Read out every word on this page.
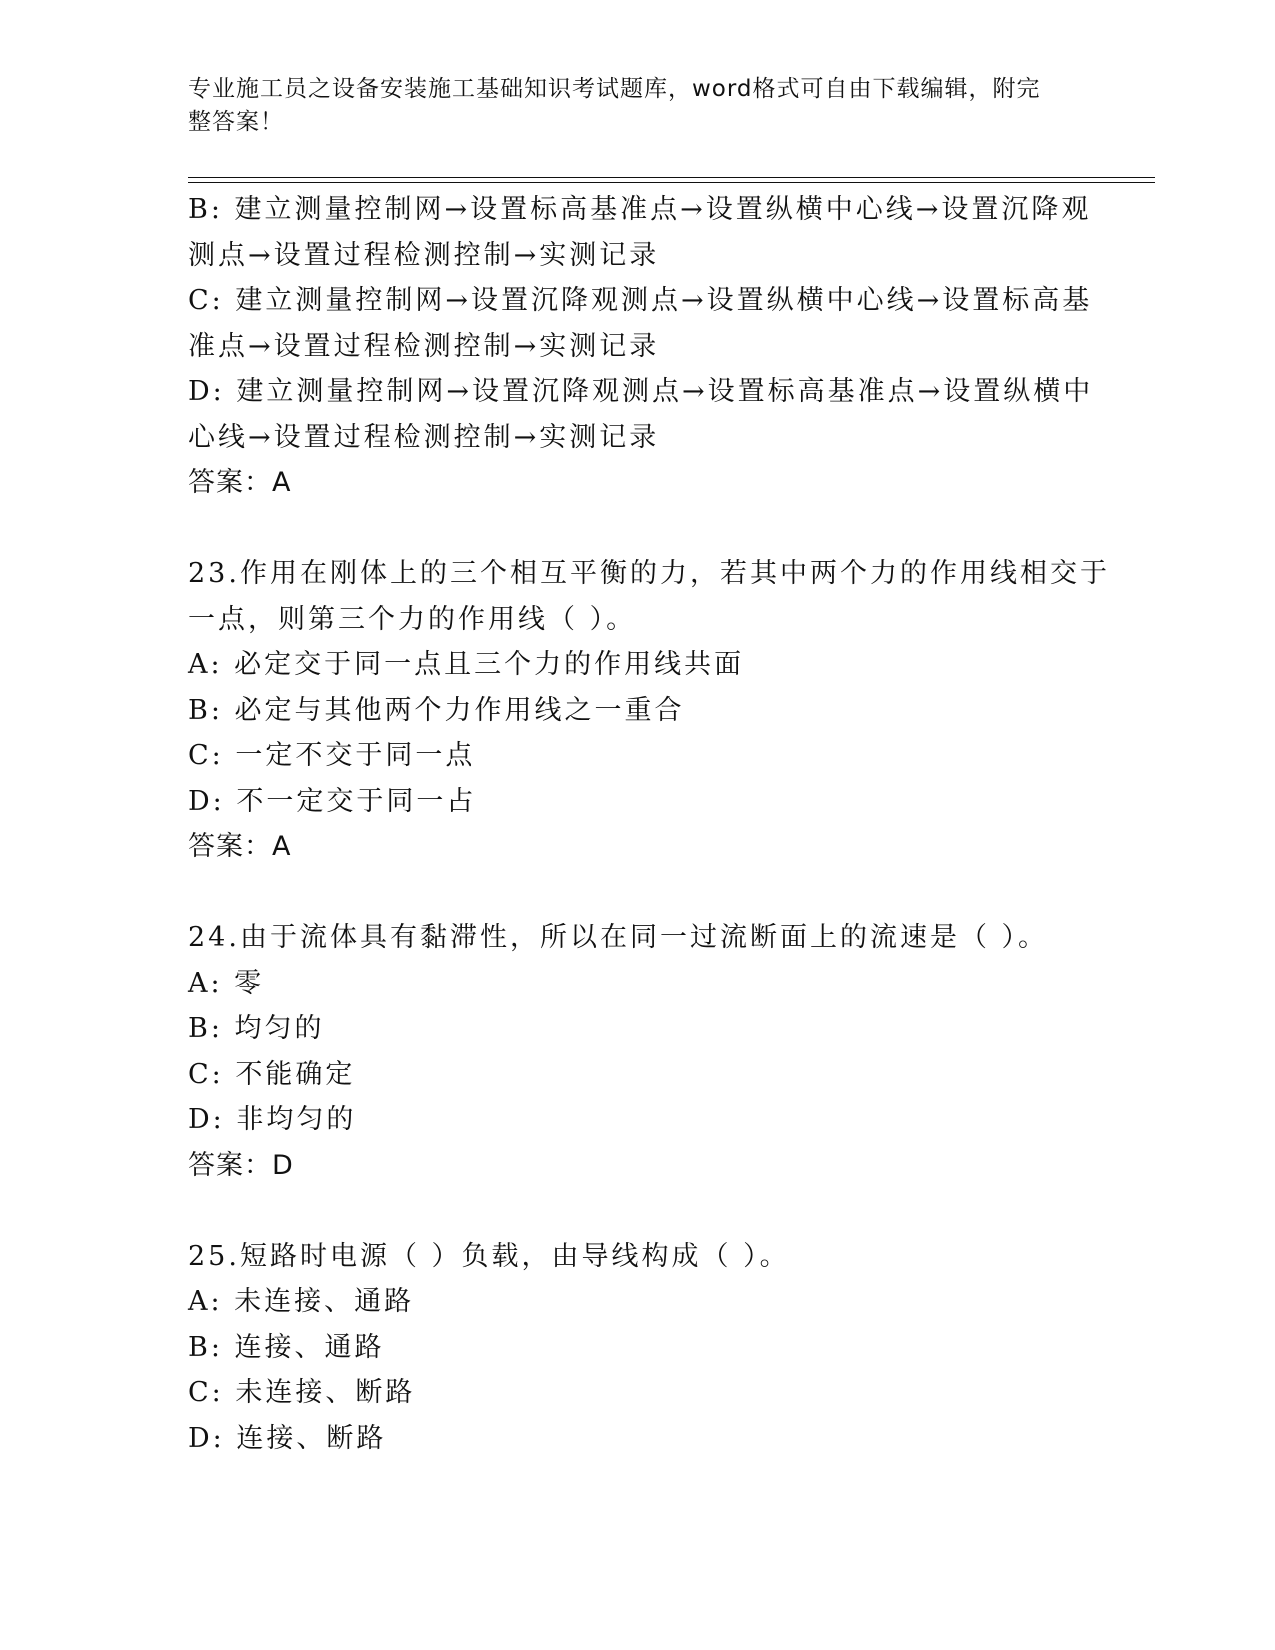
专业施工员之设备安装施工基础知识考试题库，word格式可自由下载编辑，附完
整答案！
B: 建立测量控制网→设置标高基准点→设置纵横中心线→设置沉降观
测点→设置过程检测控制→实测记录
C: 建立测量控制网→设置沉降观测点→设置纵横中心线→设置标高基
准点→设置过程检测控制→实测记录
D: 建立测量控制网→设置沉降观测点→设置标高基准点→设置纵横中
心线→设置过程检测控制→实测记录
答案：A
23.作用在刚体上的三个相互平衡的力，若其中两个力的作用线相交于
一点，则第三个力的作用线（ ）。
A: 必定交于同一点且三个力的作用线共面
B: 必定与其他两个力作用线之一重合
C: 一定不交于同一点
D: 不一定交于同一占
答案：A
24.由于流体具有黏滞性，所以在同一过流断面上的流速是（ ）。
A: 零
B: 均匀的
C: 不能确定
D: 非均匀的
答案：D
25.短路时电源（ ）负载，由导线构成（ ）。
A: 未连接、通路
B: 连接、通路
C: 未连接、断路
D: 连接、断路
